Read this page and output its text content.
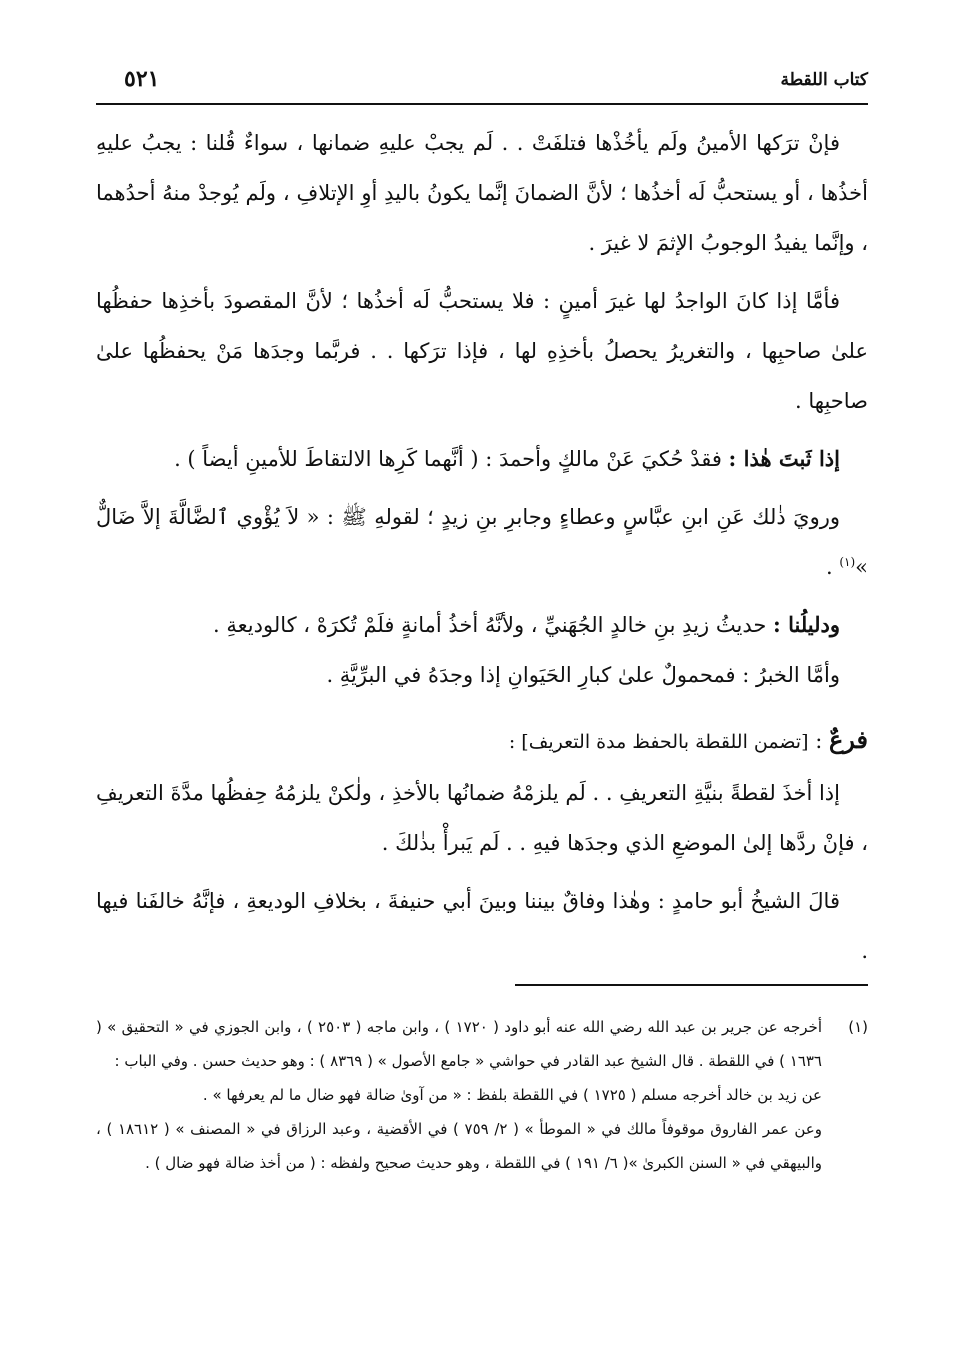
كتاب اللقطة
٥٢١

فإنْ ترَكها الأمينُ ولَم يأخُذْها فتلفَتْ . . لَم يجبْ عليهِ ضمانها ، سواءٌ قُلنا : يجبُ عليهِ أخذُها ، أو يستحبُّ لَه أخذُها ؛ لأنَّ الضمانَ إنَّما يكونُ باليدِ أوِ الإتلافِ ، ولَم يُوجدْ منهُ أحدُهما ، وإنَّما يفيدُ الوجوبُ الإثمَ لا غيرَ .

فأمَّا إذا كانَ الواجدُ لها غيرَ أمينٍ : فلا يستحبُّ لَه أخذُها ؛ لأنَّ المقصودَ بأخذِها حفظُها علىٰ صاحبِها ، والتغريرُ يحصلُ بأخذِهِ لها ، فإذا ترَكها . . فربَّما وجدَها مَنْ يحفظُها علىٰ صاحبِها .

إذا ثَبتَ هٰذا : فقدْ حُكيَ عَنْ مالكٍ وأحمدَ : ( أنَّهما كَرِها الالتقاطَ للأمينِ أيضاً ) .

ورويَ ذٰلك عَنِ ابنِ عبَّاسٍ وعطاءٍ وجابرِ بنِ زيدٍ ؛ لقولهِ ﷺ : « لاَ يُؤْوي ٱلضَّالَّةَ إلاَّ ضَالٌّ »$^{(١)}$ .

ودليلُنا : حديثُ زيدِ بنِ خالدٍ الجُهَنيِّ ، ولأنَّهُ أخذُ أمانةٍ فلَمْ تُكرَهْ ، كالوديعةِ .

وأمَّا الخبرُ : فمحمولٌ علىٰ كبارِ الحَيَوانِ إذا وجدَهُ في البرِّيَّةِ .

فرعٌ : [تضمن اللقطة بالحفظ مدة التعريف] :

إذا أخذَ لقطةً بنيَّةِ التعريفِ . . لَم يلزمْهُ ضمانُها بالأخذِ ، ولٰكنْ يلزمُهُ حِفظُها مدَّةَ التعريفِ ، فإنْ ردَّها إلىٰ الموضعِ الذي وجدَها فيهِ . . لَم يَبرأْ بذٰلكَ .

قالَ الشيخُ أبو حامدٍ : وهٰذا وفاقٌ بيننا وبينَ أبي حنيفةَ ، بخلافِ الوديعةِ ، فإنَّهُ خالفَنا فيها .

(١)
أخرجه عن جرير بن عبد الله رضي الله عنه أبو داود ( ١٧٢٠ ) ، وابن ماجه ( ٢٥٠٣ ) ، وابن الجوزي في « التحقيق » ( ١٦٣٦ ) في اللقطة . قال الشيخ عبد القادر في حواشي « جامع الأصول » ( ٨٣٦٩ ) : وهو حديث حسن . وفي الباب :

عن زيد بن خالد أخرجه مسلم ( ١٧٢٥ ) في اللقطة بلفظ : « من آوىٰ ضالة فهو ضال ما لم يعرفها » .

وعن عمر الفاروق موقوفاً مالك في « الموطأ » ( ٢/ ٧٥٩ ) في الأقضية ، وعبد الرزاق في « المصنف » ( ١٨٦١٢ ) ، والبيهقي في « السنن الكبرىٰ »( ٦/ ١٩١ ) في اللقطة ، وهو حديث صحيح ولفظه : ( من أخذ ضالة فهو ضال ) .
